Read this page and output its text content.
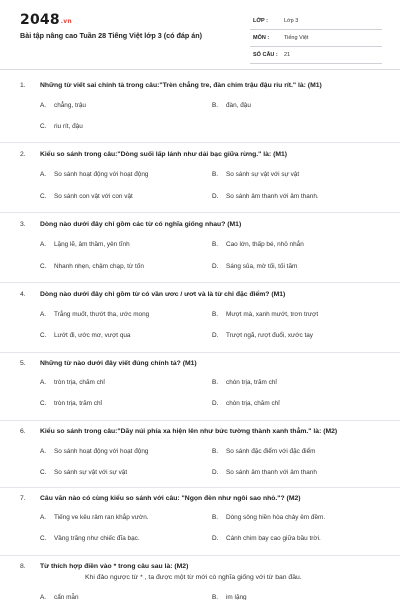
2048.vn
Bài tập nâng cao Tuần 28 Tiếng Việt lớp 3 (có đáp án)
LỚP :	Lớp 3
MÔN :	Tiếng Việt
SỐ CÂU : 21
1. Những từ viết sai chính tả trong câu:"Trèn chẳng tre, đàn chim trậu đậu riu rít." là: (M1)
A. chẳng, trậu	B. đàn, đậu
C. riu rít, đậu
2. Kiểu so sánh trong câu:"Dòng suối lấp lánh như dải bạc giữa rừng." là: (M1)
A. So sánh hoạt động với hoạt động	B. So sánh sự vật với sự vật
C. So sánh con vật với con vật	D. So sánh âm thanh với âm thanh.
3. Dòng nào dưới đây chỉ gồm các từ có nghĩa giống nhau? (M1)
A. Lặng lẽ, âm thầm, yên tĩnh	B. Cao lớn, thấp bé, nhỏ nhắn
C. Nhanh nhẹn, chậm chạp, từ tốn	D. Sáng sủa, mờ tối, tối tăm
4. Dòng nào dưới đây chỉ gồm từ có vần ươc / ươt và là từ chỉ đặc điểm? (M1)
A. Trắng muốt, thướt tha, ước mong	B. Mượt mà, xanh mướt, trơn trượt
C. Lướt đi, ước mơ, vượt qua	D. Trượt ngã, rượt đuổi, xước tay
5. Những từ nào dưới đây viết đúng chính tả? (M1)
A. tròn trịa, chăm chỉ	B. chòn trịa, trăm chỉ
C. tròn trịa, trăm chỉ	D. chòn trịa, chăm chỉ
6. Kiểu so sánh trong câu:"Dãy núi phía xa hiện lên như bức tường thành xanh thẳm." là: (M2)
A. So sánh hoạt động với hoạt động	B. So sánh đặc điểm với đặc điểm
C. So sánh sự vật với sự vật	D. So sánh âm thanh với âm thanh
7. Câu văn nào có cùng kiểu so sánh với câu: "Ngọn đèn như ngôi sao nhỏ."? (M2)
A. Tiếng ve kêu râm ran khắp vườn.	B. Dòng sông hiền hòa chảy êm đềm.
C. Vầng trăng như chiếc đĩa bạc.	D. Cánh chim bay cao giữa bầu trời.
8. Từ thích hợp điền vào * trong câu sau là: (M2)
Khi đảo ngược từ * , ta được một từ mới có nghĩa giống với từ ban đầu.
A. cẩn mẫn	B. im lặng
